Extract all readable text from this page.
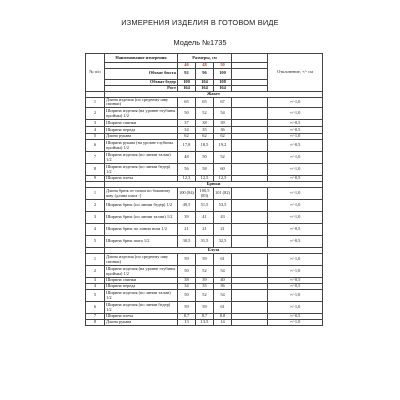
ИЗМЕРЕНИЯ ИЗДЕЛИЯ В ГОТОВОМ ВИДЕ
Модель №1735
№ п/п	Наименование измерения	Размеры, см				Отклонение, +/- см
		46	48	50		
	Обхват бюста	92	96	100		
	Обхват бедер	100	104	108		
	Рост	164	164	164		
	Жакет					
1	Длина изделия (по среднему шву спинки)	65	65	67		+/-1,0
2	Ширина изделия (на уровне глубины проймы) 1/2	50	52	54		+/-1,0
3	Ширина спинки	37	38	39		+/-0,5
4	Ширина переда	34	35	36		+/-0,5
5	Длина рукава	62	62	62		+/-1,0
6	Ширина рукава (на уровне глубины проймы) 1/2	17,8	18,5	19,2		+/-0,5
7	Ширина изделия (по линии талии) 1/2	48	50	52		+/-1,0
8	Ширина изделия (по линии бедер) 1/2	56	58	60		+/-1,0
9	Ширина плеча	12,3	12,5	12,5		+/-0,5
	Брюки					
1	Длина брюк от талии по боковому шву (длина шага -)	100 (84)	100,5 (83)	101 (82)		+/-1,0
2	Ширина брюк (по линии бедер) 1/2	49,5	51,5	53,5		+/-1,0
3	Ширина брюк (по линии талии) 1/2	39	41	43		+/-1,0
4	Ширина брюк по линии низа 1/2	21	21	21		+/-0,5
5	Ширина брюк шага 1/2	30,5	31,5	32,5		+/-0,5
	Блуза					
1	Длина изделия (по среднему шву спинки)	59	59	61		+/-1,0
2	Ширина изделия (на уровне глубины проймы) 1/2	50	52	54		+/-1,0
3	Ширина спинки	38	39	40		+/-0,5
4	Ширина переда	34	35	36		+/-0,5
5	Ширина изделия (по линии талии) 1/2	50	52	54		+/-1,0
6	Ширина изделия (по линии бедер) 1/2	59	59	61		+/-1,0
7	Ширина плеча	8,7	8,7	8,8		+/-0,5
8	Длина рукава	13	13,5	14		+/-1,0
